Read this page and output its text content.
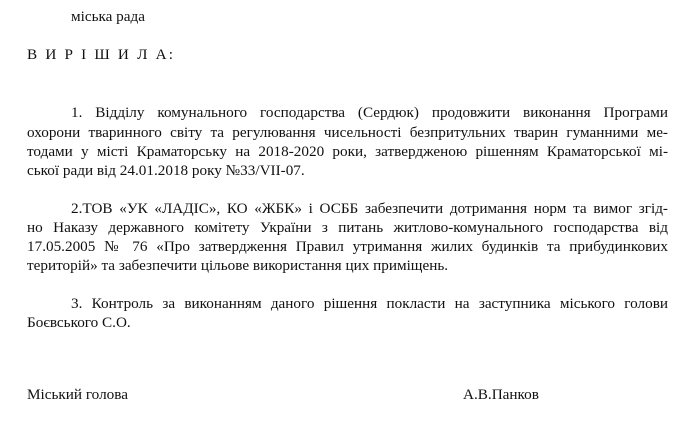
міська рада
В И Р І Ш И Л А:
1. Відділу комунального господарства (Сердюк) продовжити виконання Програми
охорони тваринного світу та регулювання чисельності безпритульних тварин гуманними ме-
тодами у місті Краматорську на 2018-2020 роки, затвердженою рішенням Краматорської мі-
ської ради від 24.01.2018 року №33/VII-07.
2.ТОВ «УК «ЛАДІС», КО «ЖБК» і ОСББ забезпечити дотримання норм та вимог згід-
но Наказу державного комітету України з питань житлово-комунального господарства від
17.05.2005 № 76 «Про затвердження Правил утримання жилих будинків та прибудинкових
територій» та забезпечити цільове використання цих приміщень.
3. Контроль за виконанням даного рішення покласти на заступника міського голови
Боєвського С.О.
Міський голова	А.В.Панков
